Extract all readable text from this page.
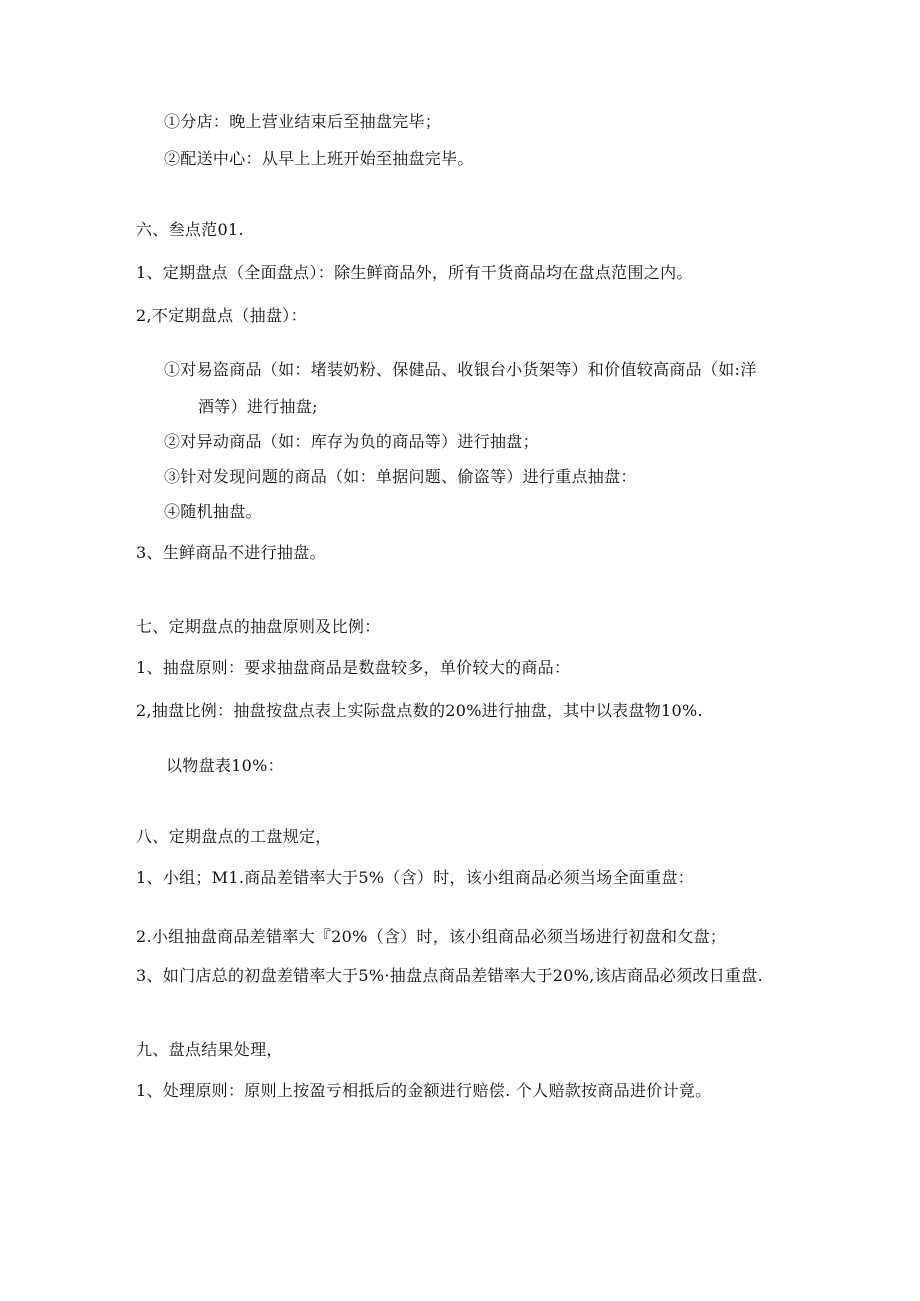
①分店：晚上营业结束后至抽盘完毕；
②配送中心：从早上上班开始至抽盘完毕。
六、叁点范01.
1、定期盘点（全面盘点）：除生鲜商品外，所有干货商品均在盘点范围之内。
2,不定期盘点（抽盘）：
①对易盗商品（如：堵装奶粉、保健品、收银台小货架等）和价值较高商品（如:洋
酒等）进行抽盘;
②对异动商品（如：库存为负的商品等）进行抽盘；
③针对发现问题的商品（如：单据问题、偷盗等）进行重点抽盘：
④随机抽盘。
3、生鲜商品不进行抽盘。
七、定期盘点的抽盘原则及比例：
1、抽盘原则：要求抽盘商品是数盘较多，单价较大的商品：
2,抽盘比例：抽盘按盘点表上实际盘点数的20%进行抽盘，其中以表盘物10%.
以物盘表10%：
八、定期盘点的工盘规定，
1、小组；M1.商品差错率大于5%（含）时，该小组商品必须当场全面重盘：
2.小组抽盘商品差错率大『20%（含）时，该小组商品必须当场进行初盘和攵盘；
3、如门店总的初盘差错率大于5%·抽盘点商品差错率大于20%,该店商品必须改日重盘.
九、盘点结果处理，
1、处理原则：原则上按盈亏相抵后的金额进行赔偿. 个人赔款按商品进价计竟。
